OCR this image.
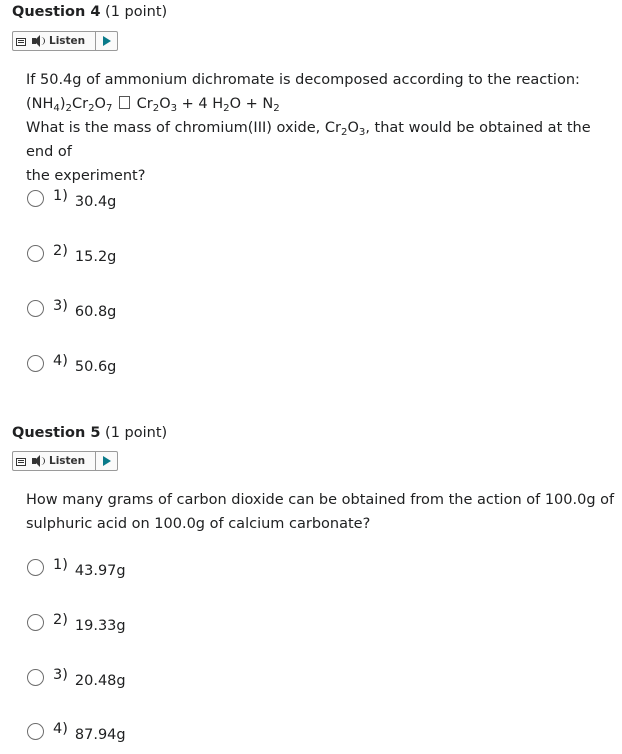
Question 4 (1 point)
Listen
If 50.4g of ammonium dichromate is decomposed according to the reaction:
$(NH_4)_2Cr_2O_7$ $Cr_2O_3 + 4$ $H_2O + N_2$
What is the mass of chromium(III) oxide, $Cr_2O_3$, that would be obtained at the end of
the experiment?
1) 30.4g
2) 15.2g
3) 60.8g
4) 50.6g
Question 5 (1 point)
Listen
How many grams of carbon dioxide can be obtained from the action of 100.0g of
sulphuric acid on 100.0g of calcium carbonate?
1) 43.97g
2) 19.33g
3) 20.48g
4) 87.94g
